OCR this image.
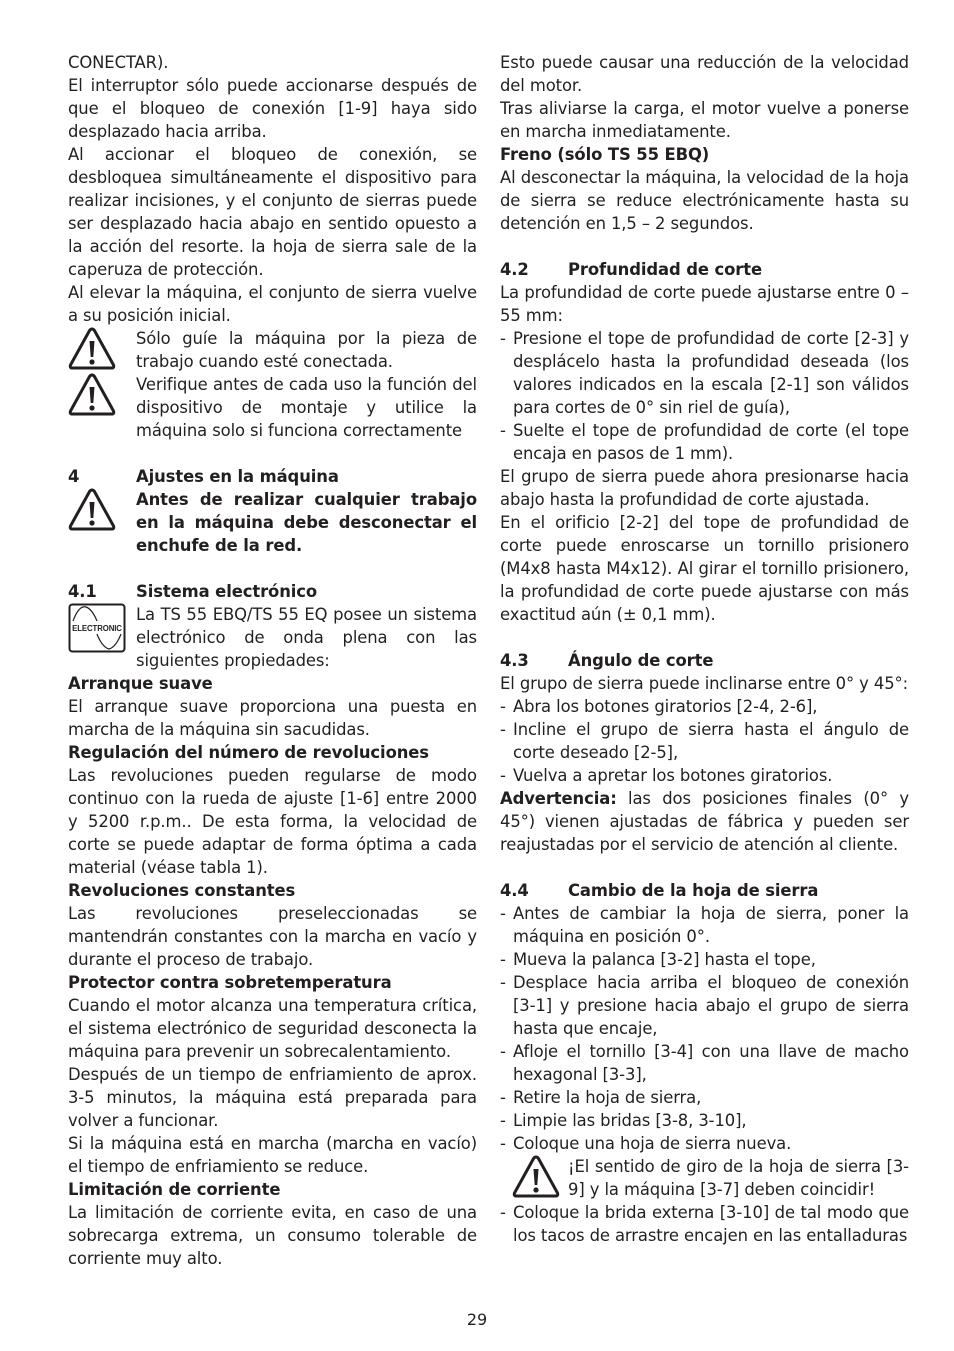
CONECTAR).

El interruptor sólo puede accionarse después de que el bloqueo de conexión [1-9] haya sido desplazado hacia arriba.

Al accionar el bloqueo de conexión, se desbloquea simultáneamente el dispositivo para realizar incisiones, y el conjunto de sierras puede ser desplazado hacia abajo en sentido opuesto a la acción del resorte. la hoja de sierra sale de la caperuza de protección.

Al elevar la máquina, el conjunto de sierra vuelve a su posición inicial.

Sólo guíe la máquina por la pieza de trabajo cuando esté conectada.
Verifique antes de cada uso la función del dispositivo de montaje y utilice la máquina solo si funciona correctamente
4	Ajustes en la máquina
Antes de realizar cualquier trabajo en la máquina debe desconectar el enchufe de la red.
4.1	Sistema electrónico
ELECTRONIC
La TS 55 EBQ/TS 55 EQ posee un sistema electrónico de onda plena con las siguientes propiedades:

Arranque suave

El arranque suave proporciona una puesta en marcha de la máquina sin sacudidas.

Regulación del número de revoluciones

Las revoluciones pueden regularse de modo continuo con la rueda de ajuste [1-6] entre 2000 y 5200 r.p.m.. De esta forma, la velocidad de corte se puede adaptar de forma óptima a cada material (véase tabla 1).

Revoluciones constantes

Las revoluciones preseleccionadas se mantendrán constantes con la marcha en vacío y durante el proceso de trabajo.

Protector contra sobretemperatura

Cuando el motor alcanza una temperatura crítica, el sistema electrónico de seguridad desconecta la máquina para prevenir un sobrecalentamiento.

Después de un tiempo de enfriamiento de aprox. 3-5 minutos, la máquina está preparada para volver a funcionar.

Si la máquina está en marcha (marcha en vacío) el tiempo de enfriamiento se reduce.

Limitación de corriente

La limitación de corriente evita, en caso de una sobrecarga extrema, un consumo tolerable de corriente muy alto.

Esto puede causar una reducción de la velocidad del motor.

Tras aliviarse la carga, el motor vuelve a ponerse en marcha inmediatamente.

Freno (sólo TS 55 EBQ)

Al desconectar la máquina, la velocidad de la hoja de sierra se reduce electrónicamente hasta su detención en 1,5 – 2 segundos.

4.2	Profundidad de corte

La profundidad de corte puede ajustarse entre 0 – 55 mm:

- Presione el tope de profundidad de corte [2-3] y desplácelo hasta la profundidad deseada (los valores indicados en la escala [2-1] son válidos para cortes de 0° sin riel de guía),
- Suelte el tope de profundidad de corte (el tope encaja en pasos de 1 mm).

El grupo de sierra puede ahora presionarse hacia abajo hasta la profundidad de corte ajustada.

En el orificio [2-2] del tope de profundidad de corte puede enroscarse un tornillo prisionero (M4x8 hasta M4x12). Al girar el tornillo prisionero, la profundidad de corte puede ajustarse con más exactitud aún (± 0,1 mm).

4.3	Ángulo de corte

El grupo de sierra puede inclinarse entre 0° y 45°:

- Abra los botones giratorios [2-4, 2-6],
- Incline el grupo de sierra hasta el ángulo de corte deseado [2-5],
- Vuelva a apretar los botones giratorios.

Advertencia: las dos posiciones finales (0° y 45°) vienen ajustadas de fábrica y pueden ser reajustadas por el servicio de atención al cliente.

4.4	Cambio de la hoja de sierra
- Antes de cambiar la hoja de sierra, poner la máquina en posición 0°.
- Mueva la palanca [3-2] hasta el tope,
- Desplace hacia arriba el bloqueo de conexión [3-1] y presione hacia abajo el grupo de sierra hasta que encaje,
- Afloje el tornillo [3-4] con una llave de macho hexagonal [3-3],
- Retire la hoja de sierra,
- Limpie las bridas [3-8, 3-10],
- Coloque una hoja de sierra nueva.
¡El sentido de giro de la hoja de sierra [3-9] y la máquina [3-7] deben coincidir!
- Coloque la brida externa [3-10] de tal modo que los tacos de arrastre encajen en las entalladuras
29
